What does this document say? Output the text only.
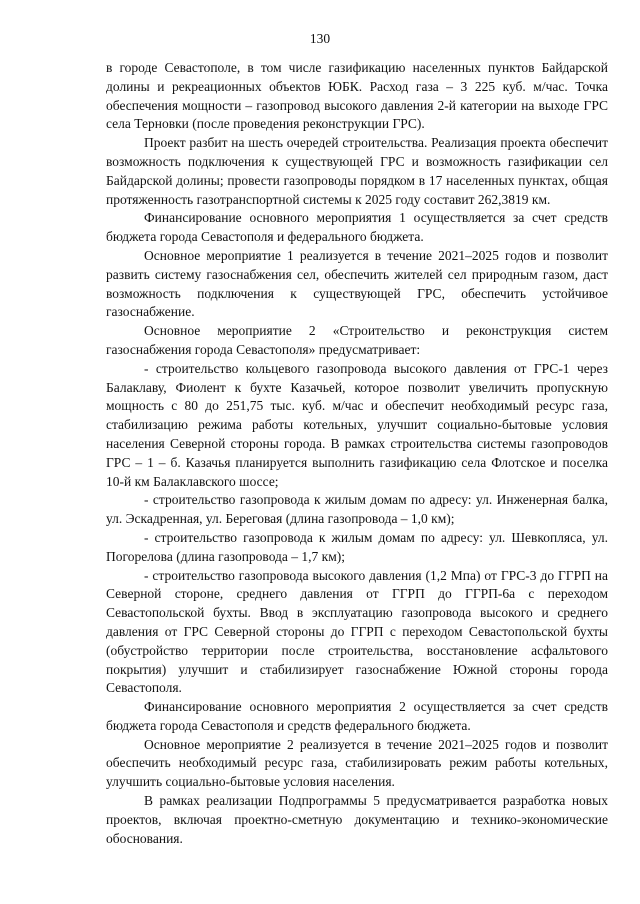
130

в городе Севастополе, в том числе газификацию населенных пунктов Байдарской долины и рекреационных объектов ЮБК. Расход газа – 3 225 куб. м/час. Точка обеспечения мощности – газопровод высокого давления 2-й категории на выходе ГРС села Терновки (после проведения реконструкции ГРС).

Проект разбит на шесть очередей строительства. Реализация проекта обеспечит возможность подключения к существующей ГРС и возможность газификации сел Байдарской долины; провести газопроводы порядком в 17 населенных пунктах, общая протяженность газотранспортной системы к 2025 году составит 262,3819 км.

Финансирование основного мероприятия 1 осуществляется за счет средств бюджета города Севастополя и федерального бюджета.

Основное мероприятие 1 реализуется в течение 2021–2025 годов и позволит развить систему газоснабжения сел, обеспечить жителей сел природным газом, даст возможность подключения к существующей ГРС, обеспечить устойчивое газоснабжение.

Основное мероприятие 2 «Строительство и реконструкция систем газоснабжения города Севастополя» предусматривает:

- строительство кольцевого газопровода высокого давления от ГРС-1 через Балаклаву, Фиолент к бухте Казачьей, которое позволит увеличить пропускную мощность с 80 до 251,75 тыс. куб. м/час и обеспечит необходимый ресурс газа, стабилизацию режима работы котельных, улучшит социально-бытовые условия населения Северной стороны города. В рамках строительства системы газопроводов ГРС – 1 – б. Казачья планируется выполнить газификацию села Флотское и поселка 10-й км Балаклавского шоссе;

- строительство газопровода к жилым домам по адресу: ул. Инженерная балка, ул. Эскадренная, ул. Береговая (длина газопровода – 1,0 км);

- строительство газопровода к жилым домам по адресу: ул. Шевкопляса, ул. Погорелова (длина газопровода – 1,7 км);

- строительство газопровода высокого давления (1,2 Мпа) от ГРС-3 до ГГРП на Северной стороне, среднего давления от ГГРП до ГГРП-6а с переходом Севастопольской бухты. Ввод в эксплуатацию газопровода высокого и среднего давления от ГРС Северной стороны до ГГРП с переходом Севастопольской бухты (обустройство территории после строительства, восстановление асфальтового покрытия) улучшит и стабилизирует газоснабжение Южной стороны города Севастополя.

Финансирование основного мероприятия 2 осуществляется за счет средств бюджета города Севастополя и средств федерального бюджета.

Основное мероприятие 2 реализуется в течение 2021–2025 годов и позволит обеспечить необходимый ресурс газа, стабилизировать режим работы котельных, улучшить социально-бытовые условия населения.

В рамках реализации Подпрограммы 5 предусматривается разработка новых проектов, включая проектно-сметную документацию и технико-экономические обоснования.
